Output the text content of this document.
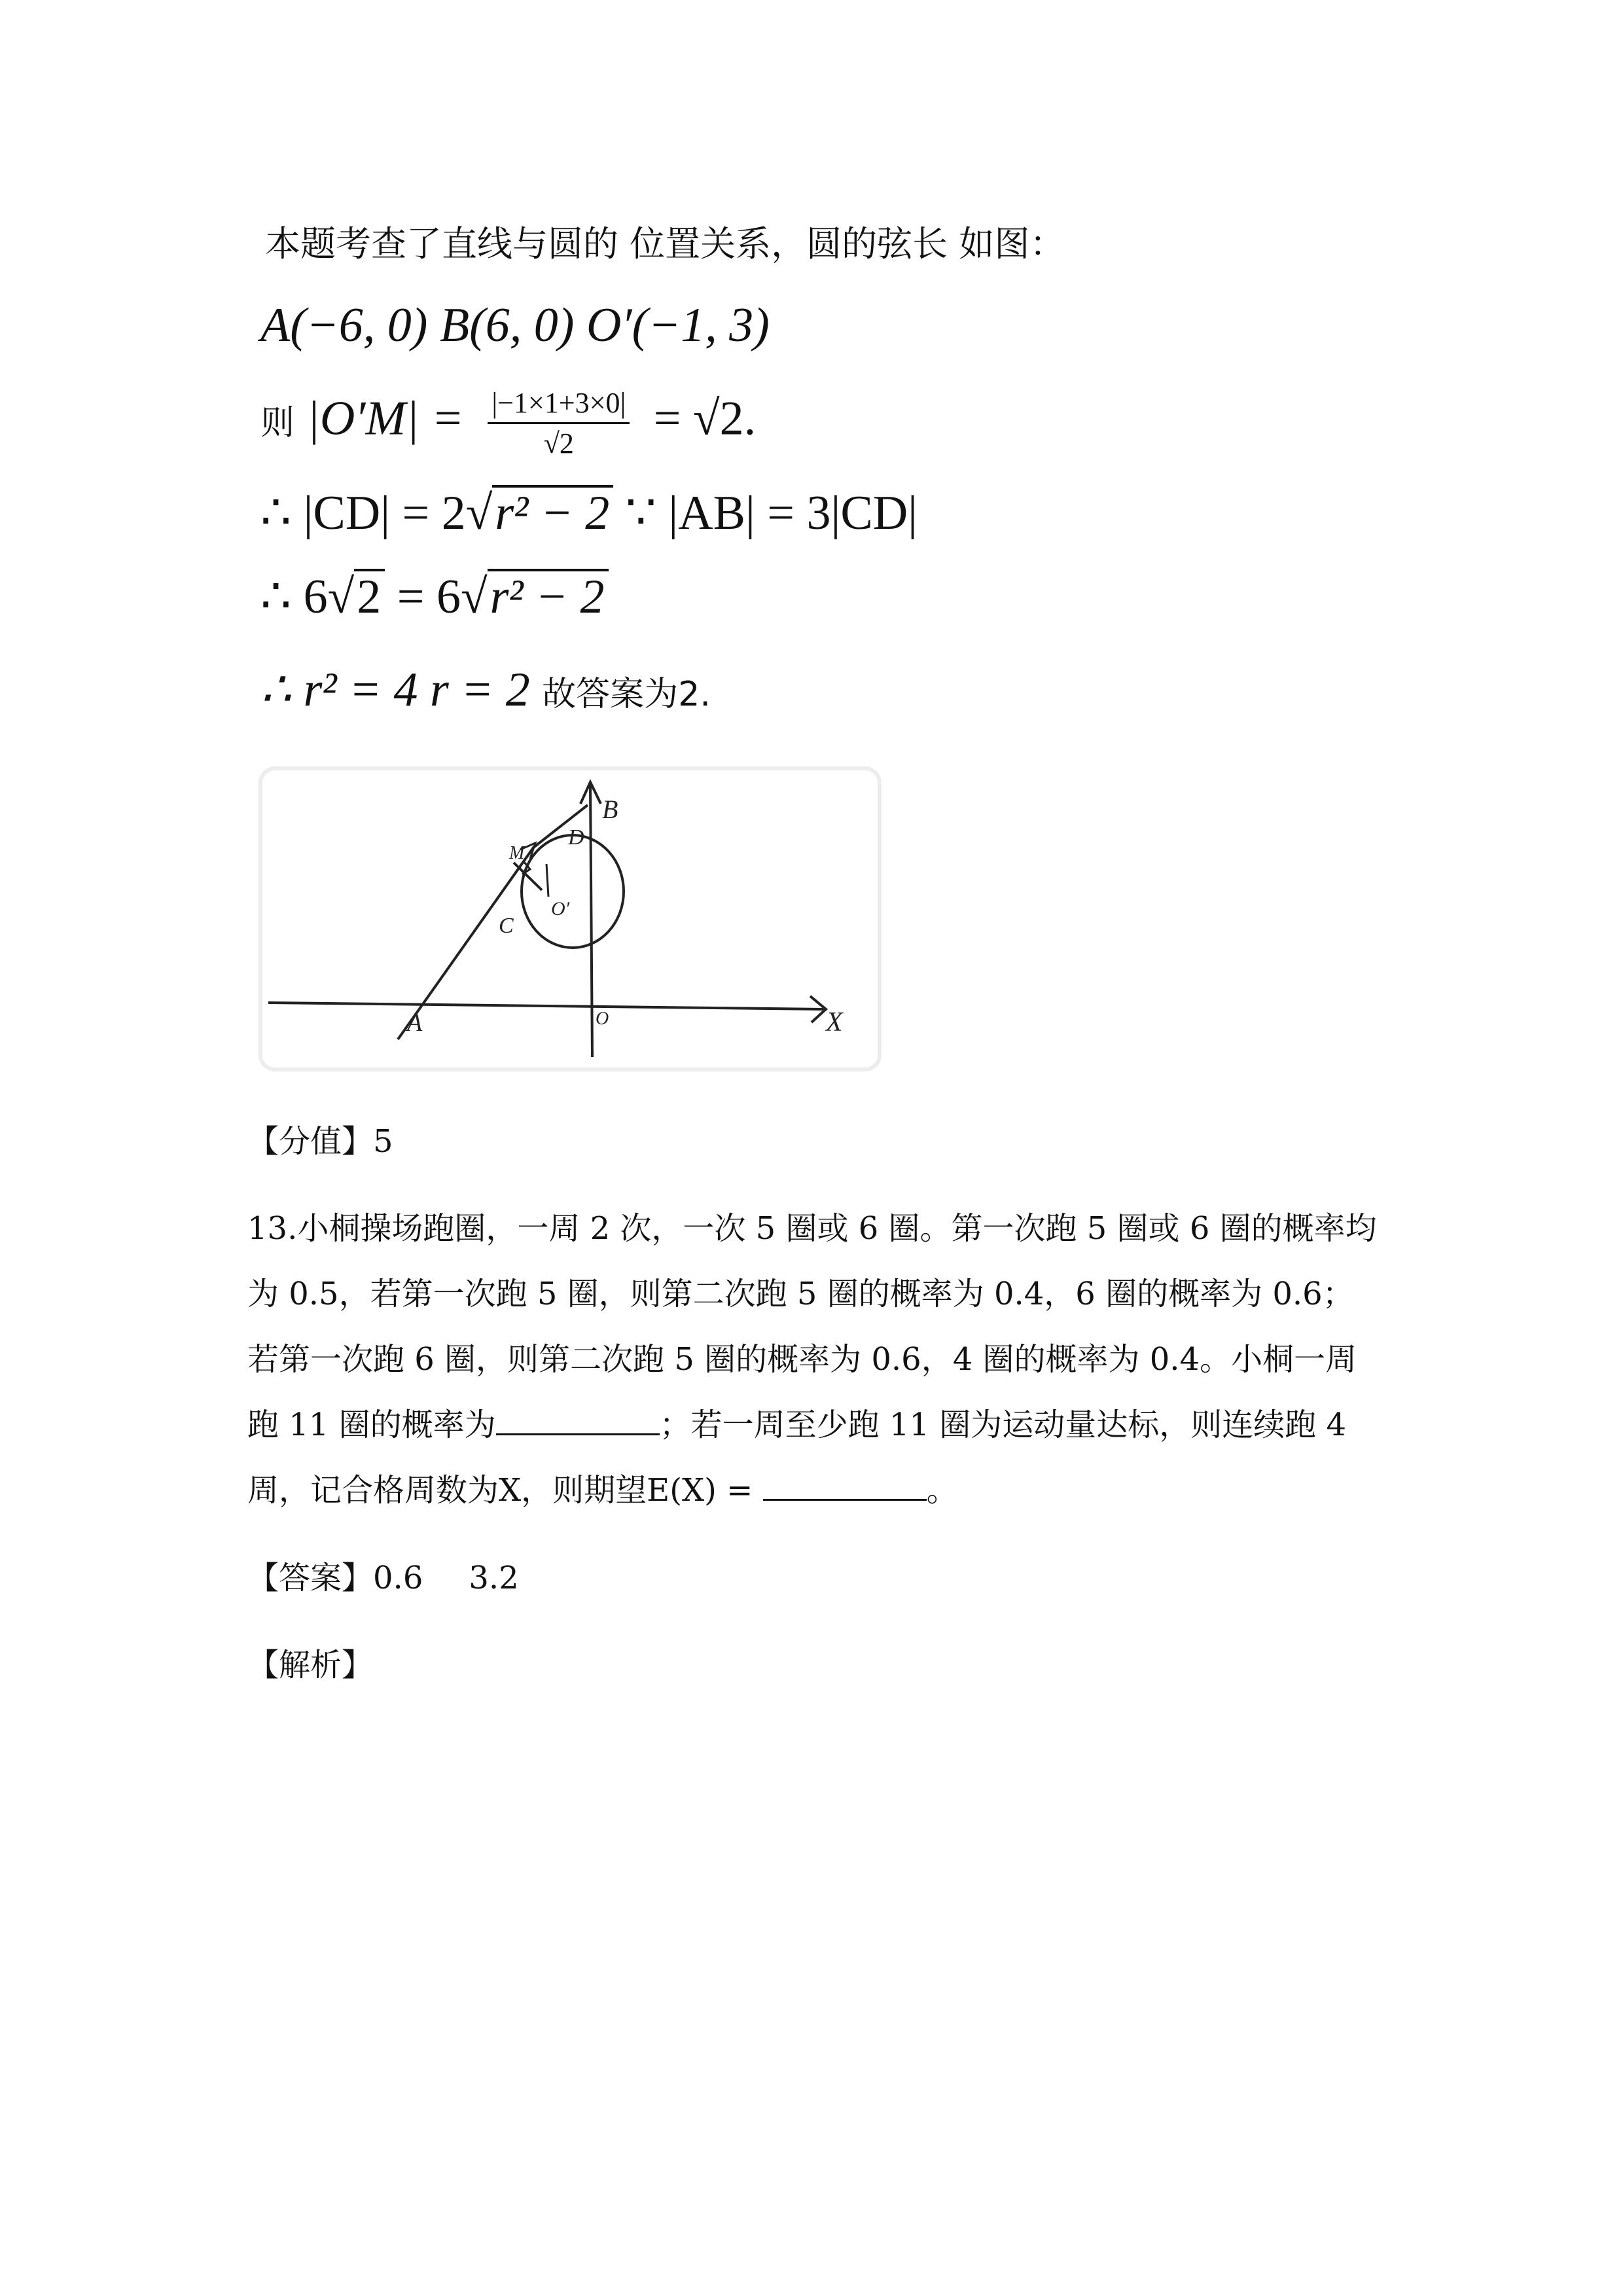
本题考查了直线与圆的 位置关系，圆的弦长 如图：
A(−6, 0) B(6, 0) O′(−1, 3)
则 $|O'M| = \frac{|-1\times 1+3\times 0|}{√2} = √2$.
∴ |CD| = 2√r² − 2 ∵ |AB| = 3|CD|
∴ 6√2 = 6√r² − 2
∴ r² = 4 r = 2 故答案为2.
B
D
C
O′
M
A	O	X
【分值】5
13.小桐操场跑圈，一周 2 次，一次 5 圈或 6 圈。第一次跑 5 圈或 6 圈的概率均
为 0.5，若第一次跑 5 圈，则第二次跑 5 圈的概率为 0.4，6 圈的概率为 0.6；
若第一次跑 6 圈，则第二次跑 5 圈的概率为 0.6，4 圈的概率为 0.4。小桐一周
跑 11 圈的概率为	；若一周至少跑 11 圈为运动量达标，则连续跑 4
周，记合格周数为X，则期望E(X) =	。
【答案】0.6 3.2
【解析】
